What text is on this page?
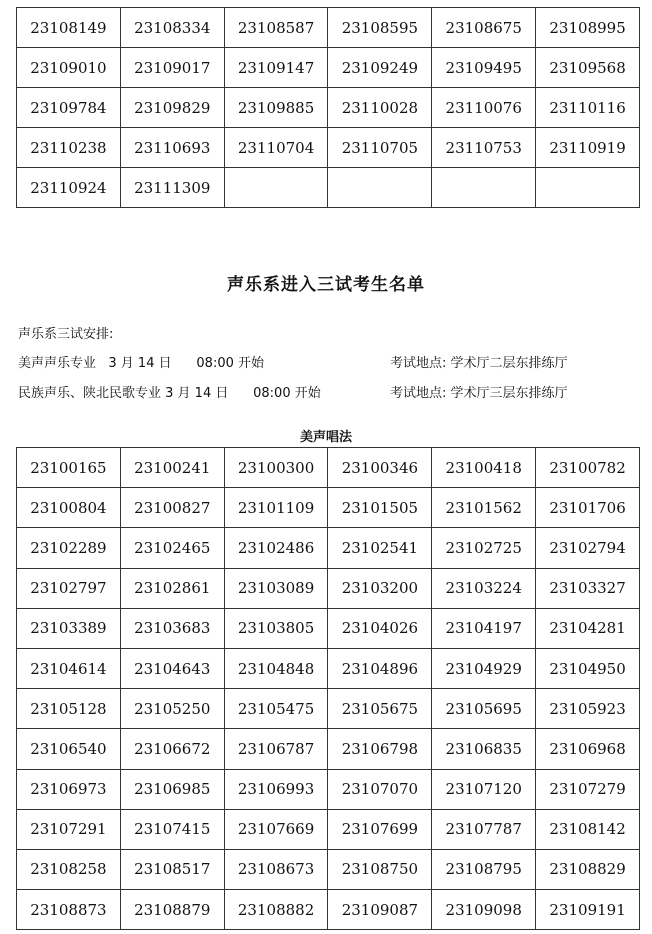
23108149	23108334	23108587	23108595	23108675	23108995
23109010	23109017	23109147	23109249	23109495	23109568
23109784	23109829	23109885	23110028	23110076	23110116
23110238	23110693	23110704	23110705	23110753	23110919
23110924	23111309				
声乐系进入三试考生名单
声乐系三试安排:
美声声乐专业   3 月 14 日      08:00 开始	考试地点: 学术厅二层东排练厅
民族声乐、陕北民歌专业 3 月 14 日      08:00 开始	考试地点: 学术厅三层东排练厅
美声唱法
23100165	23100241	23100300	23100346	23100418	23100782
23100804	23100827	23101109	23101505	23101562	23101706
23102289	23102465	23102486	23102541	23102725	23102794
23102797	23102861	23103089	23103200	23103224	23103327
23103389	23103683	23103805	23104026	23104197	23104281
23104614	23104643	23104848	23104896	23104929	23104950
23105128	23105250	23105475	23105675	23105695	23105923
23106540	23106672	23106787	23106798	23106835	23106968
23106973	23106985	23106993	23107070	23107120	23107279
23107291	23107415	23107669	23107699	23107787	23108142
23108258	23108517	23108673	23108750	23108795	23108829
23108873	23108879	23108882	23109087	23109098	23109191
